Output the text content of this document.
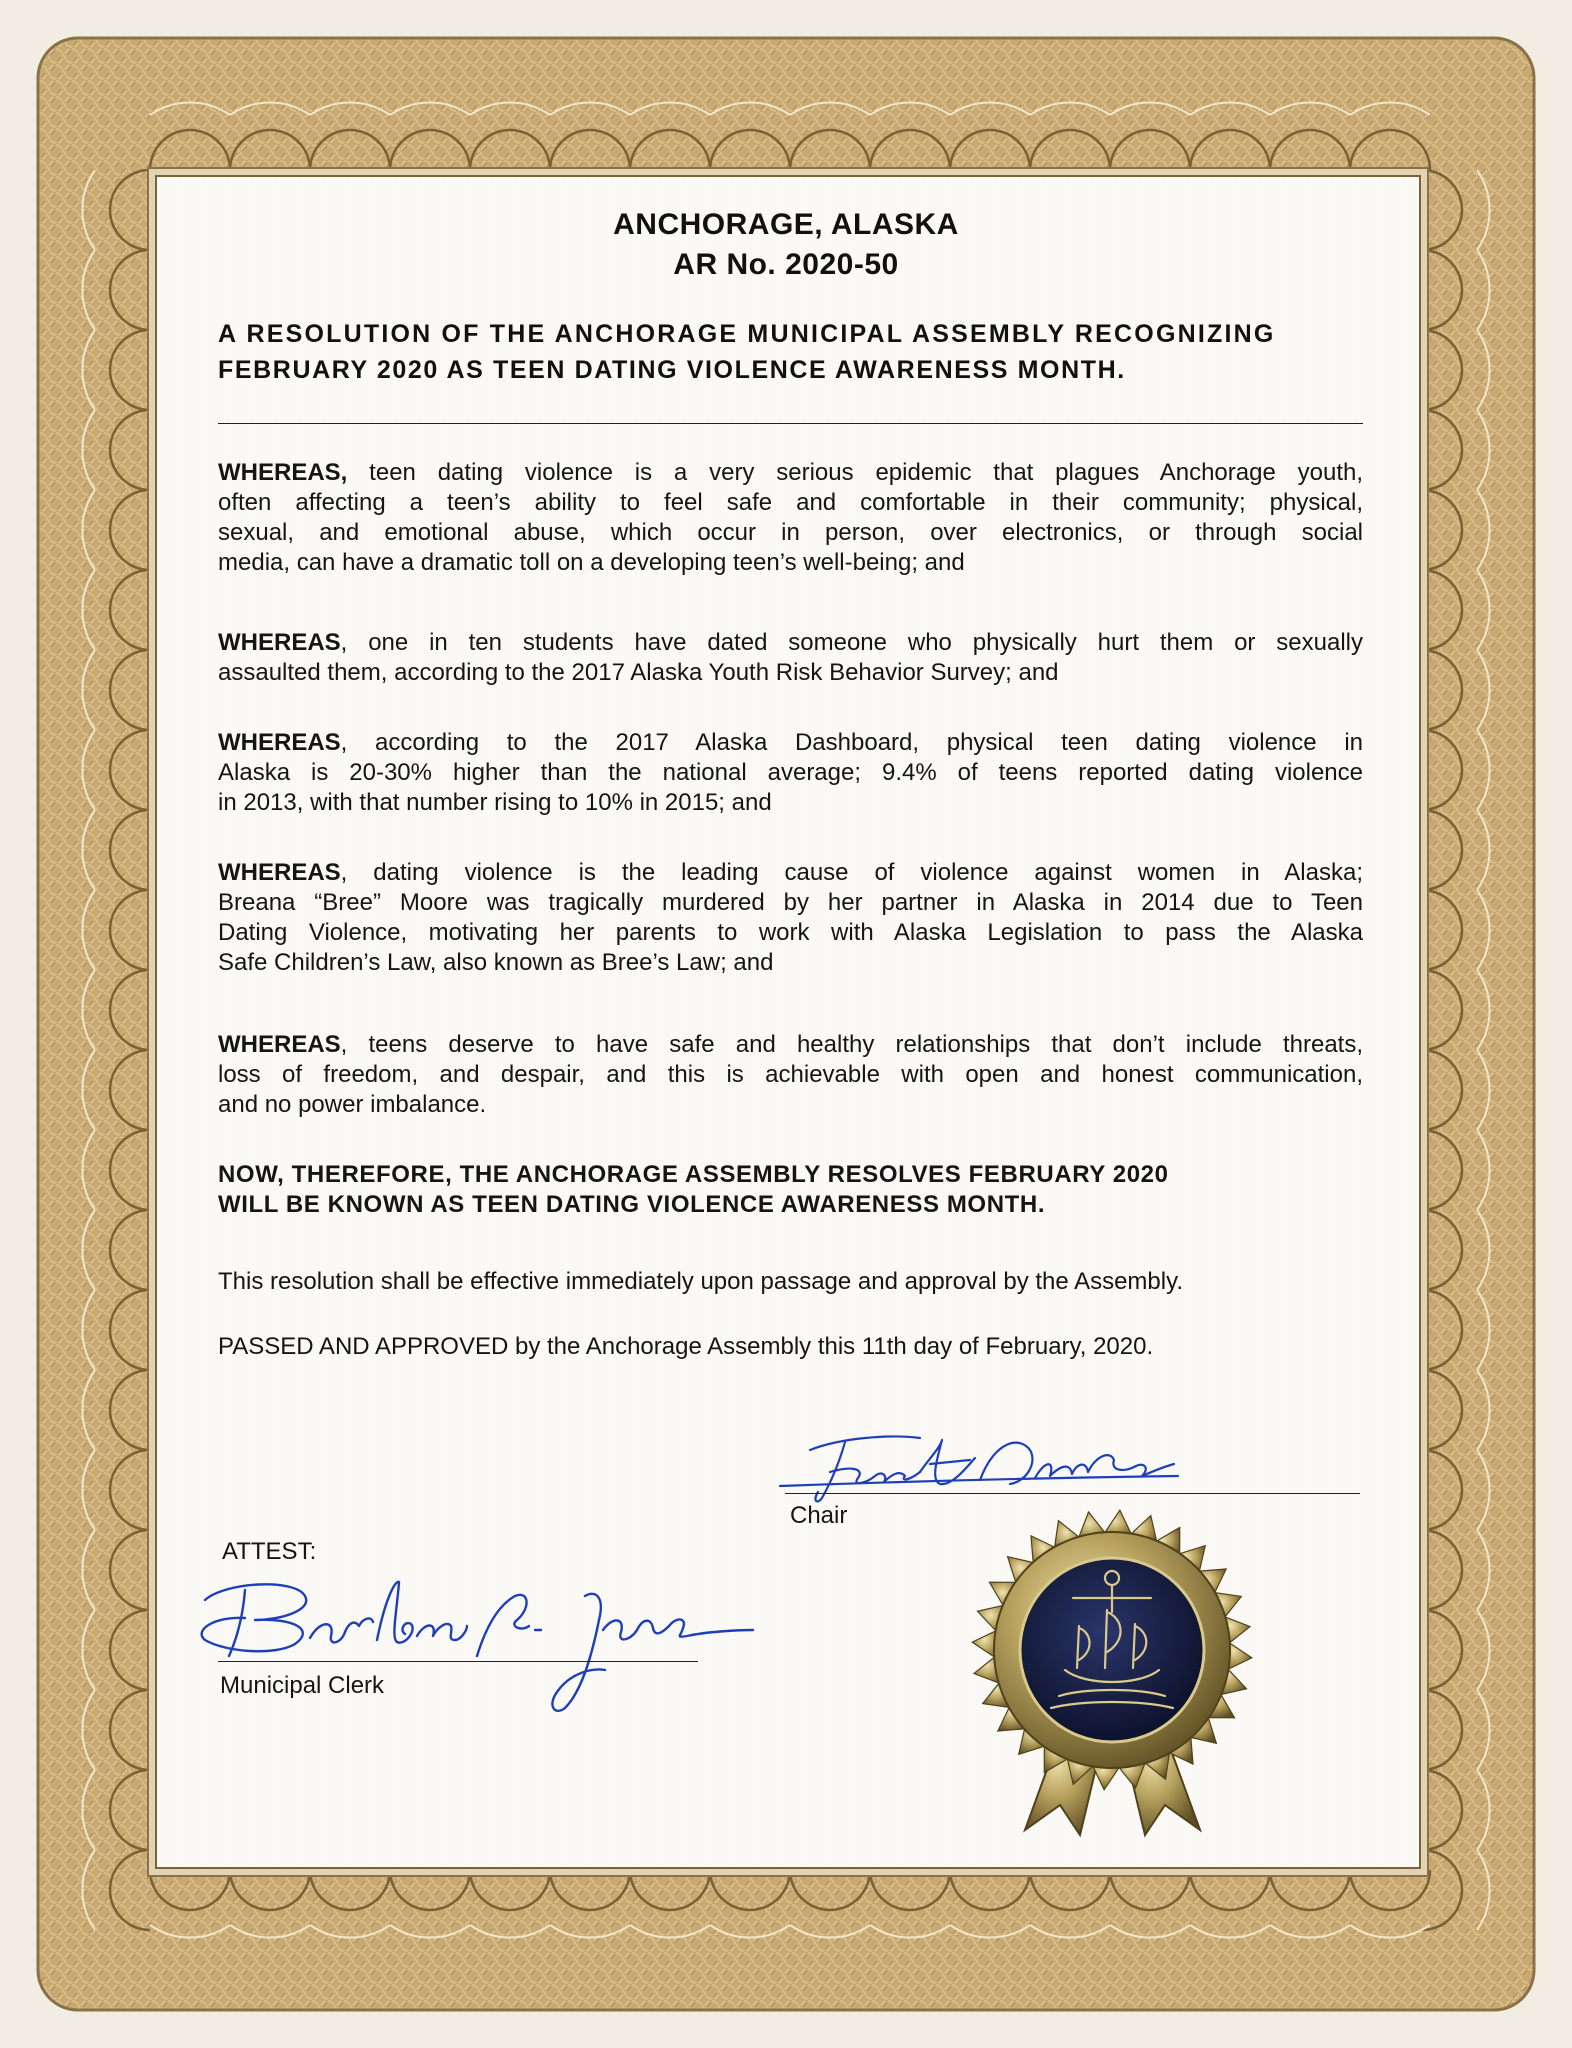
ANCHORAGE, ALASKA
AR No. 2020-50
A RESOLUTION OF THE ANCHORAGE MUNICIPAL ASSEMBLY RECOGNIZING
FEBRUARY 2020 AS TEEN DATING VIOLENCE AWARENESS MONTH.
WHEREAS, teen dating violence is a very serious epidemic that plagues Anchorage youth,
often affecting a teen’s ability to feel safe and comfortable in their community; physical,
sexual, and emotional abuse, which occur in person, over electronics, or through social
media, can have a dramatic toll on a developing teen’s well-being; and
WHEREAS, one in ten students have dated someone who physically hurt them or sexually
assaulted them, according to the 2017 Alaska Youth Risk Behavior Survey; and
WHEREAS, according to the 2017 Alaska Dashboard, physical teen dating violence in
Alaska is 20-30% higher than the national average; 9.4% of teens reported dating violence
in 2013, with that number rising to 10% in 2015; and
WHEREAS, dating violence is the leading cause of violence against women in Alaska;
Breana “Bree” Moore was tragically murdered by her partner in Alaska in 2014 due to Teen
Dating Violence, motivating her parents to work with Alaska Legislation to pass the Alaska
Safe Children’s Law, also known as Bree’s Law; and
WHEREAS, teens deserve to have safe and healthy relationships that don’t include threats,
loss of freedom, and despair, and this is achievable with open and honest communication,
and no power imbalance.
NOW, THEREFORE, THE ANCHORAGE ASSEMBLY RESOLVES FEBRUARY 2020
WILL BE KNOWN AS TEEN DATING VIOLENCE AWARENESS MONTH.
This resolution shall be effective immediately upon passage and approval by the Assembly.
PASSED AND APPROVED by the Anchorage Assembly this 11th day of February, 2020.
Chair
ATTEST:
Municipal Clerk
